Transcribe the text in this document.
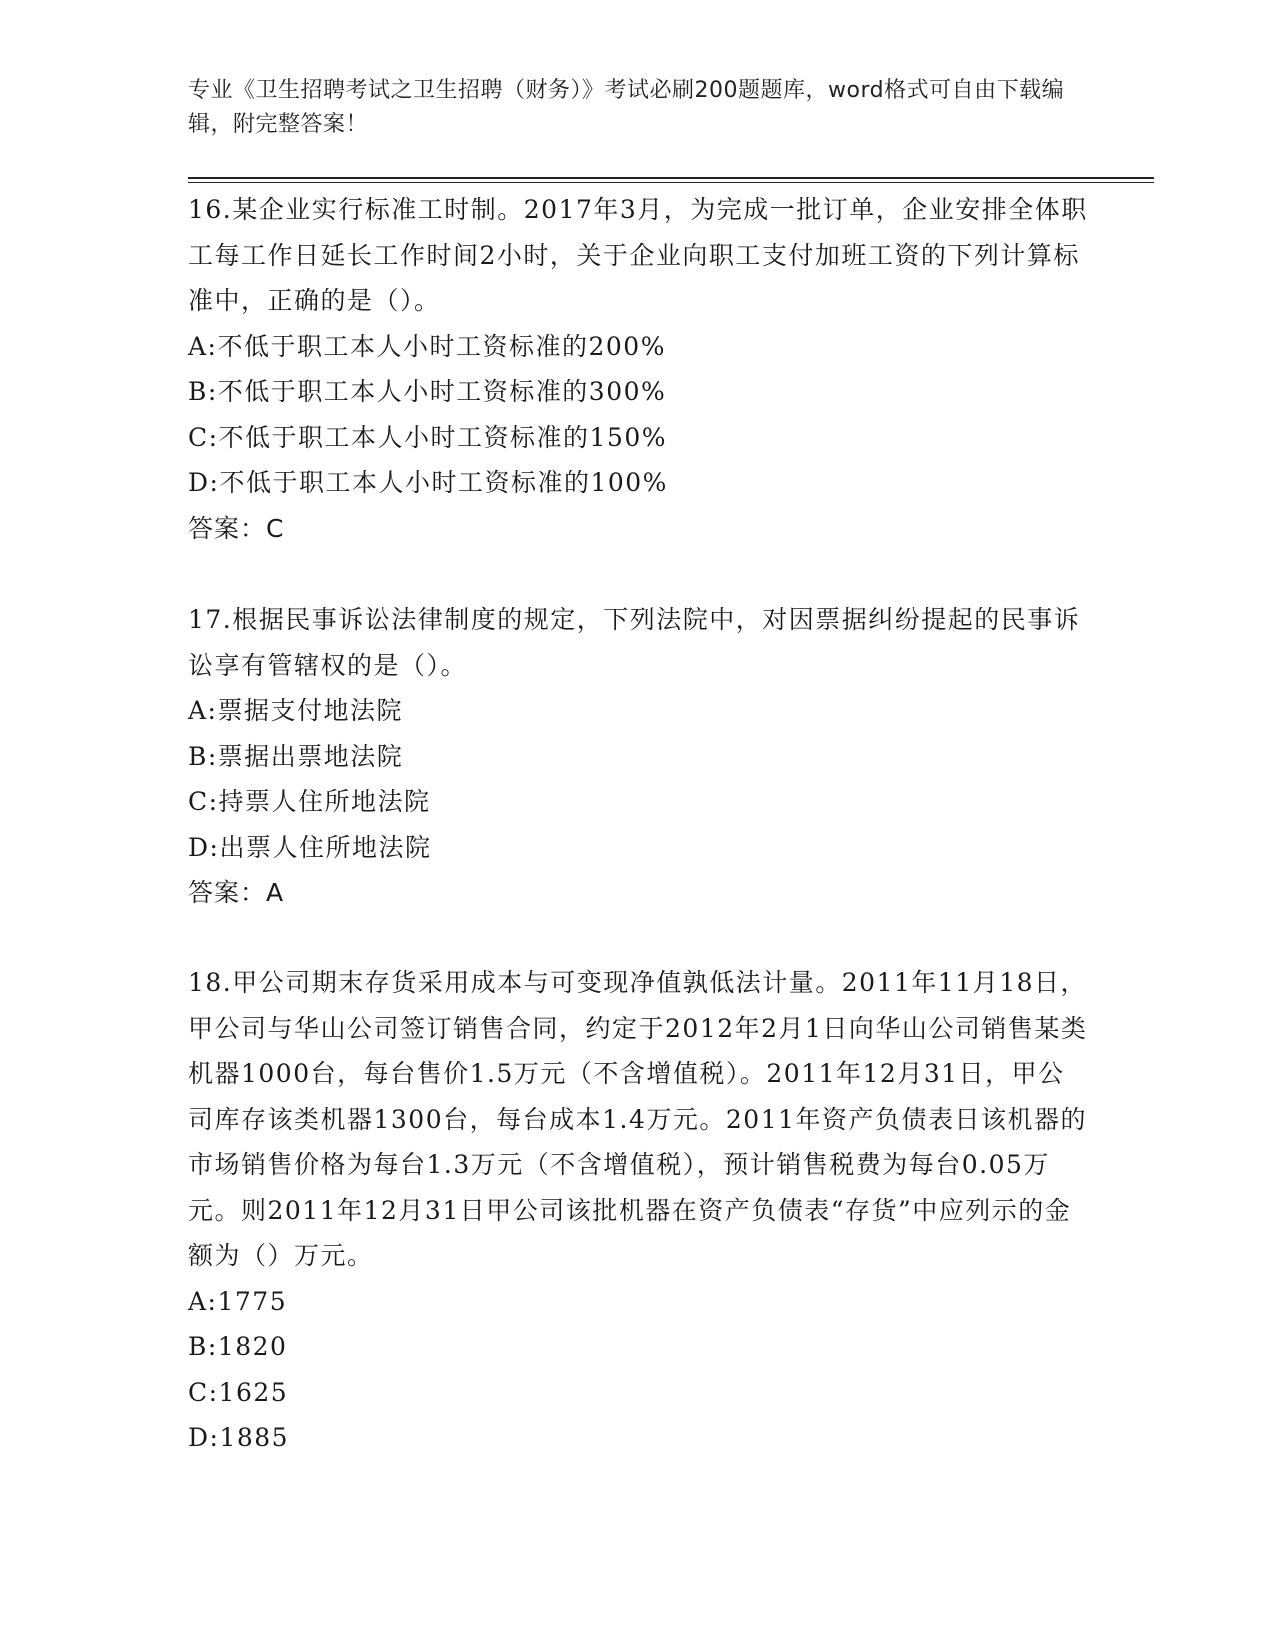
专业《卫生招聘考试之卫生招聘（财务）》考试必刷200题题库，word格式可自由下载编辑，附完整答案！

16.某企业实行标准工时制。2017年3月，为完成一批订单，企业安排全体职工每工作日延长工作时间2小时，关于企业向职工支付加班工资的下列计算标准中，正确的是（）。

A:不低于职工本人小时工资标准的200%

B:不低于职工本人小时工资标准的300%

C:不低于职工本人小时工资标准的150%

D:不低于职工本人小时工资标准的100%

答案：C

17.根据民事诉讼法律制度的规定，下列法院中，对因票据纠纷提起的民事诉讼享有管辖权的是（）。

A:票据支付地法院

B:票据出票地法院

C:持票人住所地法院

D:出票人住所地法院

答案：A

18.甲公司期末存货采用成本与可变现净值孰低法计量。2011年11月18日，甲公司与华山公司签订销售合同，约定于2012年2月1日向华山公司销售某类机器1000台，每台售价1.5万元（不含增值税）。2011年12月31日，甲公司库存该类机器1300台，每台成本1.4万元。2011年资产负债表日该机器的市场销售价格为每台1.3万元（不含增值税），预计销售税费为每台0.05万元。则2011年12月31日甲公司该批机器在资产负债表“存货”中应列示的金额为（）万元。

A:1775

B:1820

C:1625

D:1885
